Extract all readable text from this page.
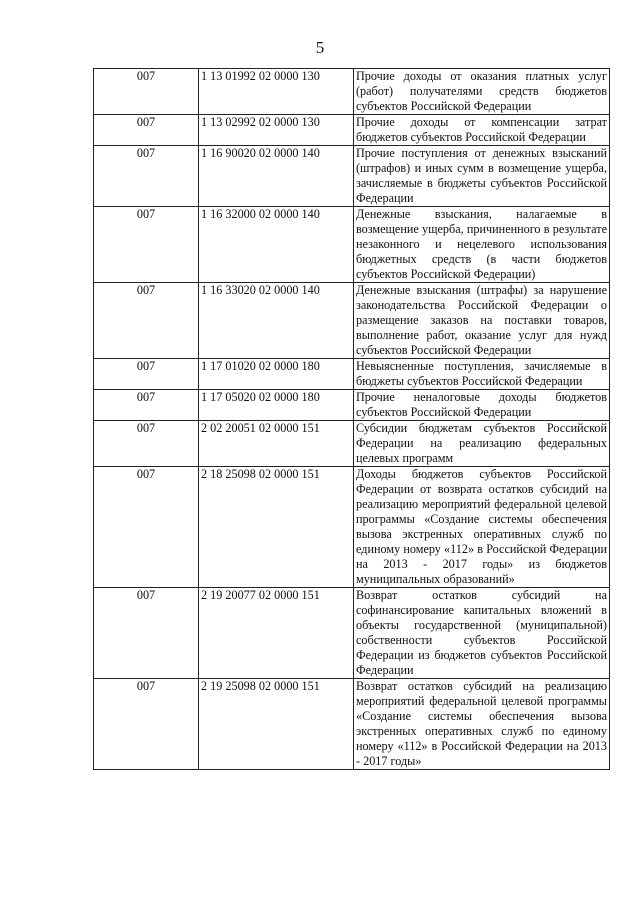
5
007	1 13 01992 02 0000 130	Прочие доходы от оказания платных услуг (работ) получателями средств бюджетов субъектов Российской Федерации
007	1 13 02992 02 0000 130	Прочие доходы от компенсации затрат бюджетов субъектов Российской Федерации
007	1 16 90020 02 0000 140	Прочие поступления от денежных взысканий (штрафов) и иных сумм в возмещение ущерба, зачисляемые в бюджеты субъектов Российской Федерации
007	1 16 32000 02 0000 140	Денежные взыскания, налагаемые в возмещение ущерба, причиненного в результате незаконного и нецелевого использования бюджетных средств (в части бюджетов субъектов Российской Федерации)
007	1 16 33020 02 0000 140	Денежные взыскания (штрафы) за нарушение законодательства Российской Федерации о размещение заказов на поставки товаров, выполнение работ, оказание услуг для нужд субъектов Российской Федерации
007	1 17 01020 02 0000 180	Невыясненные поступления, зачисляемые в бюджеты субъектов Российской Федерации
007	1 17 05020 02 0000 180	Прочие неналоговые доходы бюджетов субъектов Российской Федерации
007	2 02 20051 02 0000 151	Субсидии бюджетам субъектов Российской Федерации на реализацию федеральных целевых программ
007	2 18 25098 02 0000 151	Доходы бюджетов субъектов Российской Федерации от возврата остатков субсидий на реализацию мероприятий федеральной целевой программы «Создание системы обеспечения вызова экстренных оперативных служб по единому номеру «112» в Российской Федерации на 2013 - 2017 годы» из бюджетов муниципальных образований»
007	2 19 20077 02 0000 151	Возврат остатков субсидий на софинансирование капитальных вложений в объекты государственной (муниципальной) собственности субъектов Российской Федерации из бюджетов субъектов Российской Федерации
007	2 19 25098 02 0000 151	Возврат остатков субсидий на реализацию мероприятий федеральной целевой программы «Создание системы обеспечения вызова экстренных оперативных служб по единому номеру «112» в Российской Федерации на 2013 - 2017 годы»
